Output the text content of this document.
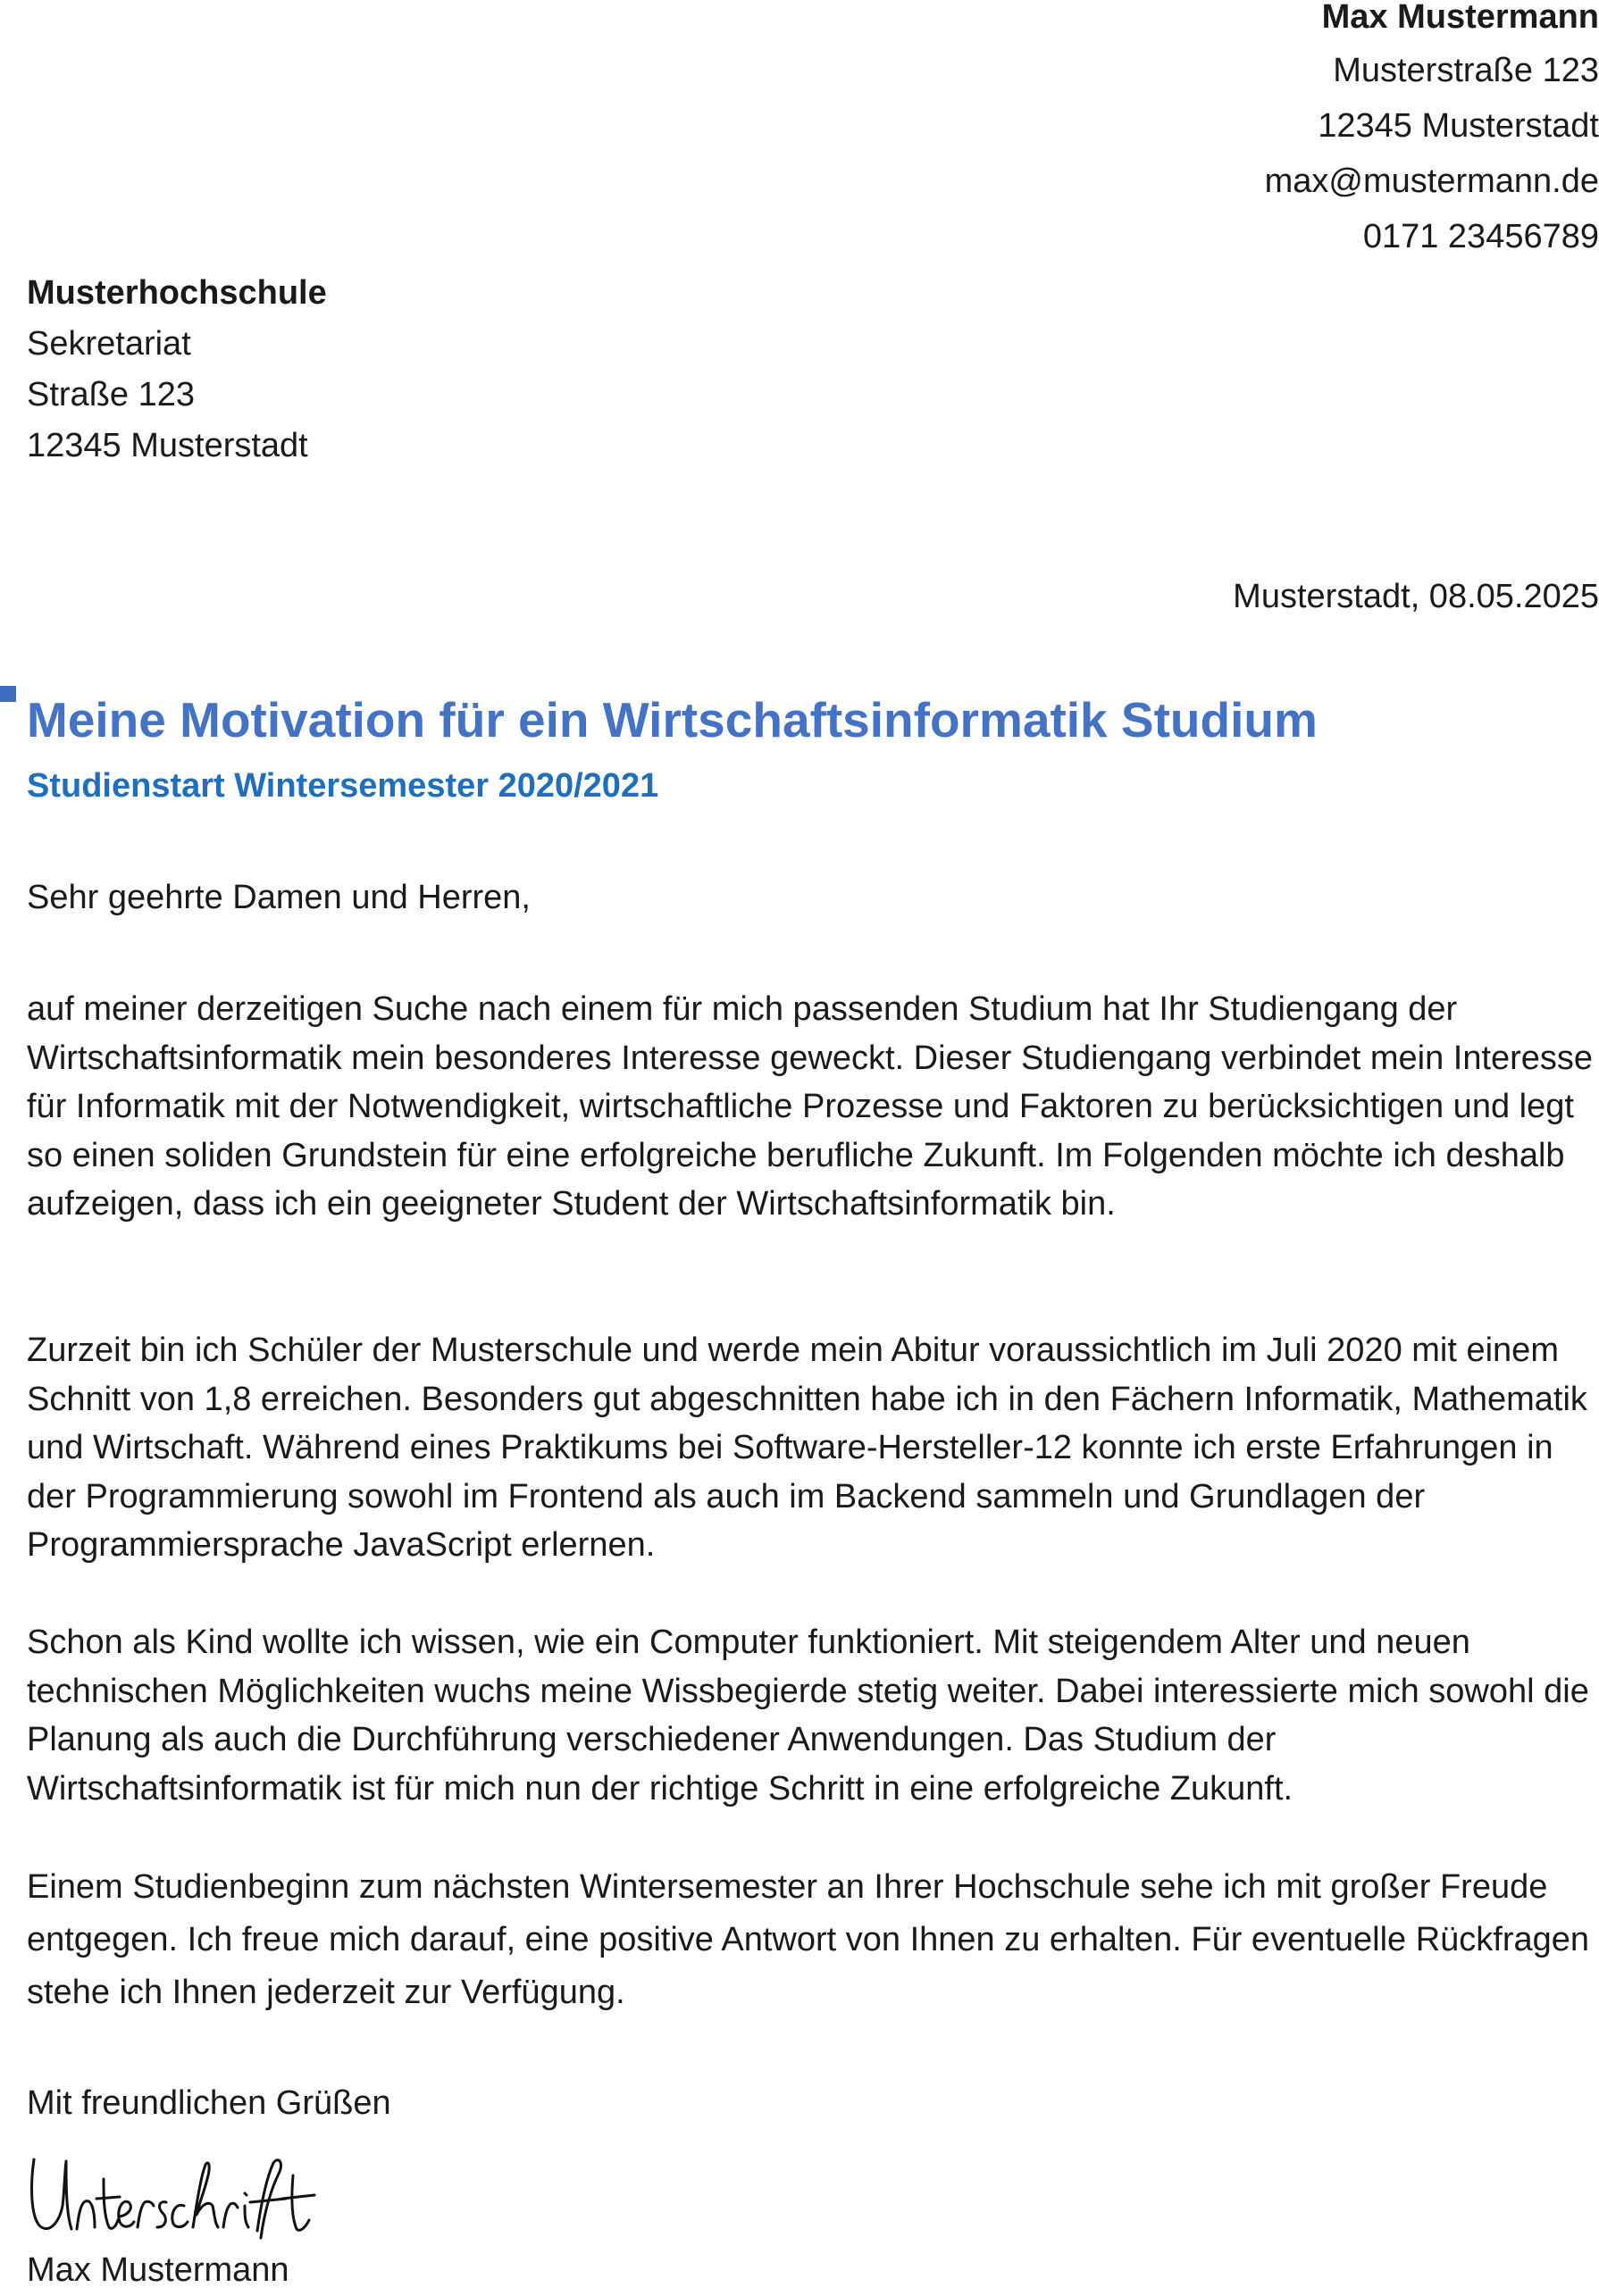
Max Mustermann
Musterstraße 123
12345 Musterstadt
max@mustermann.de
0171 23456789
Musterhochschule
Sekretariat
Straße 123
12345 Musterstadt
Musterstadt, 08.05.2025
Meine Motivation für ein Wirtschaftsinformatik Studium
Studienstart Wintersemester 2020/2021

Sehr geehrte Damen und Herren,

auf meiner derzeitigen Suche nach einem für mich passenden Studium hat Ihr Studiengang der Wirtschaftsinformatik mein besonderes Interesse geweckt. Dieser Studiengang verbindet mein Interesse für Informatik mit der Notwendigkeit, wirtschaftliche Prozesse und Faktoren zu berücksichtigen und legt so einen soliden Grundstein für eine erfolgreiche berufliche Zukunft. Im Folgenden möchte ich deshalb aufzeigen, dass ich ein geeigneter Student der Wirtschaftsinformatik bin.

Zurzeit bin ich Schüler der Musterschule und werde mein Abitur voraussichtlich im Juli 2020 mit einem Schnitt von 1,8 erreichen. Besonders gut abgeschnitten habe ich in den Fächern Informatik, Mathematik und Wirtschaft. Während eines Praktikums bei Software-Hersteller-12 konnte ich erste Erfahrungen in der Programmierung sowohl im Frontend als auch im Backend sammeln und Grundlagen der Programmiersprache JavaScript erlernen.

Schon als Kind wollte ich wissen, wie ein Computer funktioniert. Mit steigendem Alter und neuen technischen Möglichkeiten wuchs meine Wissbegierde stetig weiter. Dabei interessierte mich sowohl die Planung als auch die Durchführung verschiedener Anwendungen. Das Studium der Wirtschaftsinformatik ist für mich nun der richtige Schritt in eine erfolgreiche Zukunft.

Einem Studienbeginn zum nächsten Wintersemester an Ihrer Hochschule sehe ich mit großer Freude entgegen. Ich freue mich darauf, eine positive Antwort von Ihnen zu erhalten. Für eventuelle Rückfragen stehe ich Ihnen jederzeit zur Verfügung.

Mit freundlichen Grüßen

Max Mustermann
